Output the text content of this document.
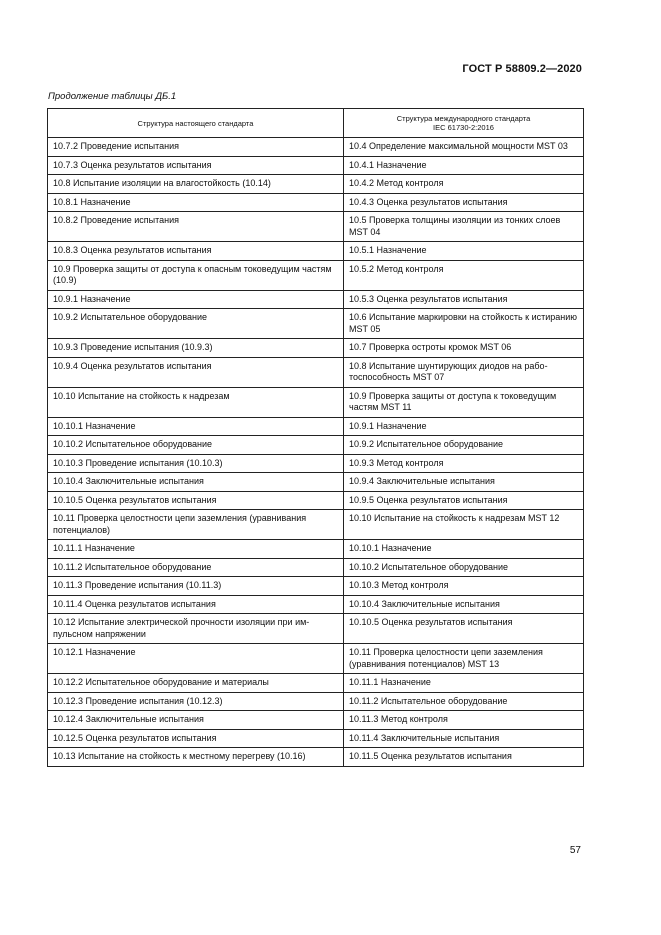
ГОСТ Р 58809.2—2020
Продолжение таблицы ДБ.1
Структура настоящего стандарта	Структура международного стандарта
IEC 61730-2:2016

10.7.2 Проведение испытания	10.4 Определение максимальной мощности MST 03
10.7.3 Оценка результатов испытания	10.4.1 Назначение
10.8 Испытание изоляции на влагостойкость (10.14)	10.4.2 Метод контроля
10.8.1 Назначение	10.4.3 Оценка результатов испытания
10.8.2 Проведение испытания	10.5 Проверка толщины изоляции из тонких слоев MST 04
10.8.3 Оценка результатов испытания	10.5.1 Назначение
10.9 Проверка защиты от доступа к опасным токоведущим частям (10.9)	10.5.2 Метод контроля
10.9.1 Назначение	10.5.3 Оценка результатов испытания
10.9.2 Испытательное оборудование	10.6 Испытание маркировки на стойкость к истиранию MST 05
10.9.3 Проведение испытания (10.9.3)	10.7 Проверка остроты кромок MST 06
10.9.4 Оценка результатов испытания	10.8 Испытание шунтирующих диодов на работоспособность MST 07
10.10 Испытание на стойкость к надрезам	10.9 Проверка защиты от доступа к токоведущим частям MST 11
10.10.1 Назначение	10.9.1 Назначение
10.10.2 Испытательное оборудование	10.9.2 Испытательное оборудование
10.10.3 Проведение испытания (10.10.3)	10.9.3 Метод контроля
10.10.4 Заключительные испытания	10.9.4 Заключительные испытания
10.10.5 Оценка результатов испытания	10.9.5 Оценка результатов испытания
10.11 Проверка целостности цепи заземления (уравнивания потенциалов)	10.10 Испытание на стойкость к надрезам MST 12
10.11.1 Назначение	10.10.1 Назначение
10.11.2 Испытательное оборудование	10.10.2 Испытательное оборудование
10.11.3 Проведение испытания (10.11.3)	10.10.3 Метод контроля
10.11.4 Оценка результатов испытания	10.10.4 Заключительные испытания
10.12 Испытание электрической прочности изоляции при импульсном напряжении	10.10.5 Оценка результатов испытания
10.12.1 Назначение	10.11 Проверка целостности цепи заземления (уравнивания потенциалов) MST 13
10.12.2 Испытательное оборудование и материалы	10.11.1 Назначение
10.12.3 Проведение испытания (10.12.3)	10.11.2 Испытательное оборудование
10.12.4 Заключительные испытания	10.11.3 Метод контроля
10.12.5 Оценка результатов испытания	10.11.4 Заключительные испытания
10.13 Испытание на стойкость к местному перегреву (10.16)	10.11.5 Оценка результатов испытания
57
